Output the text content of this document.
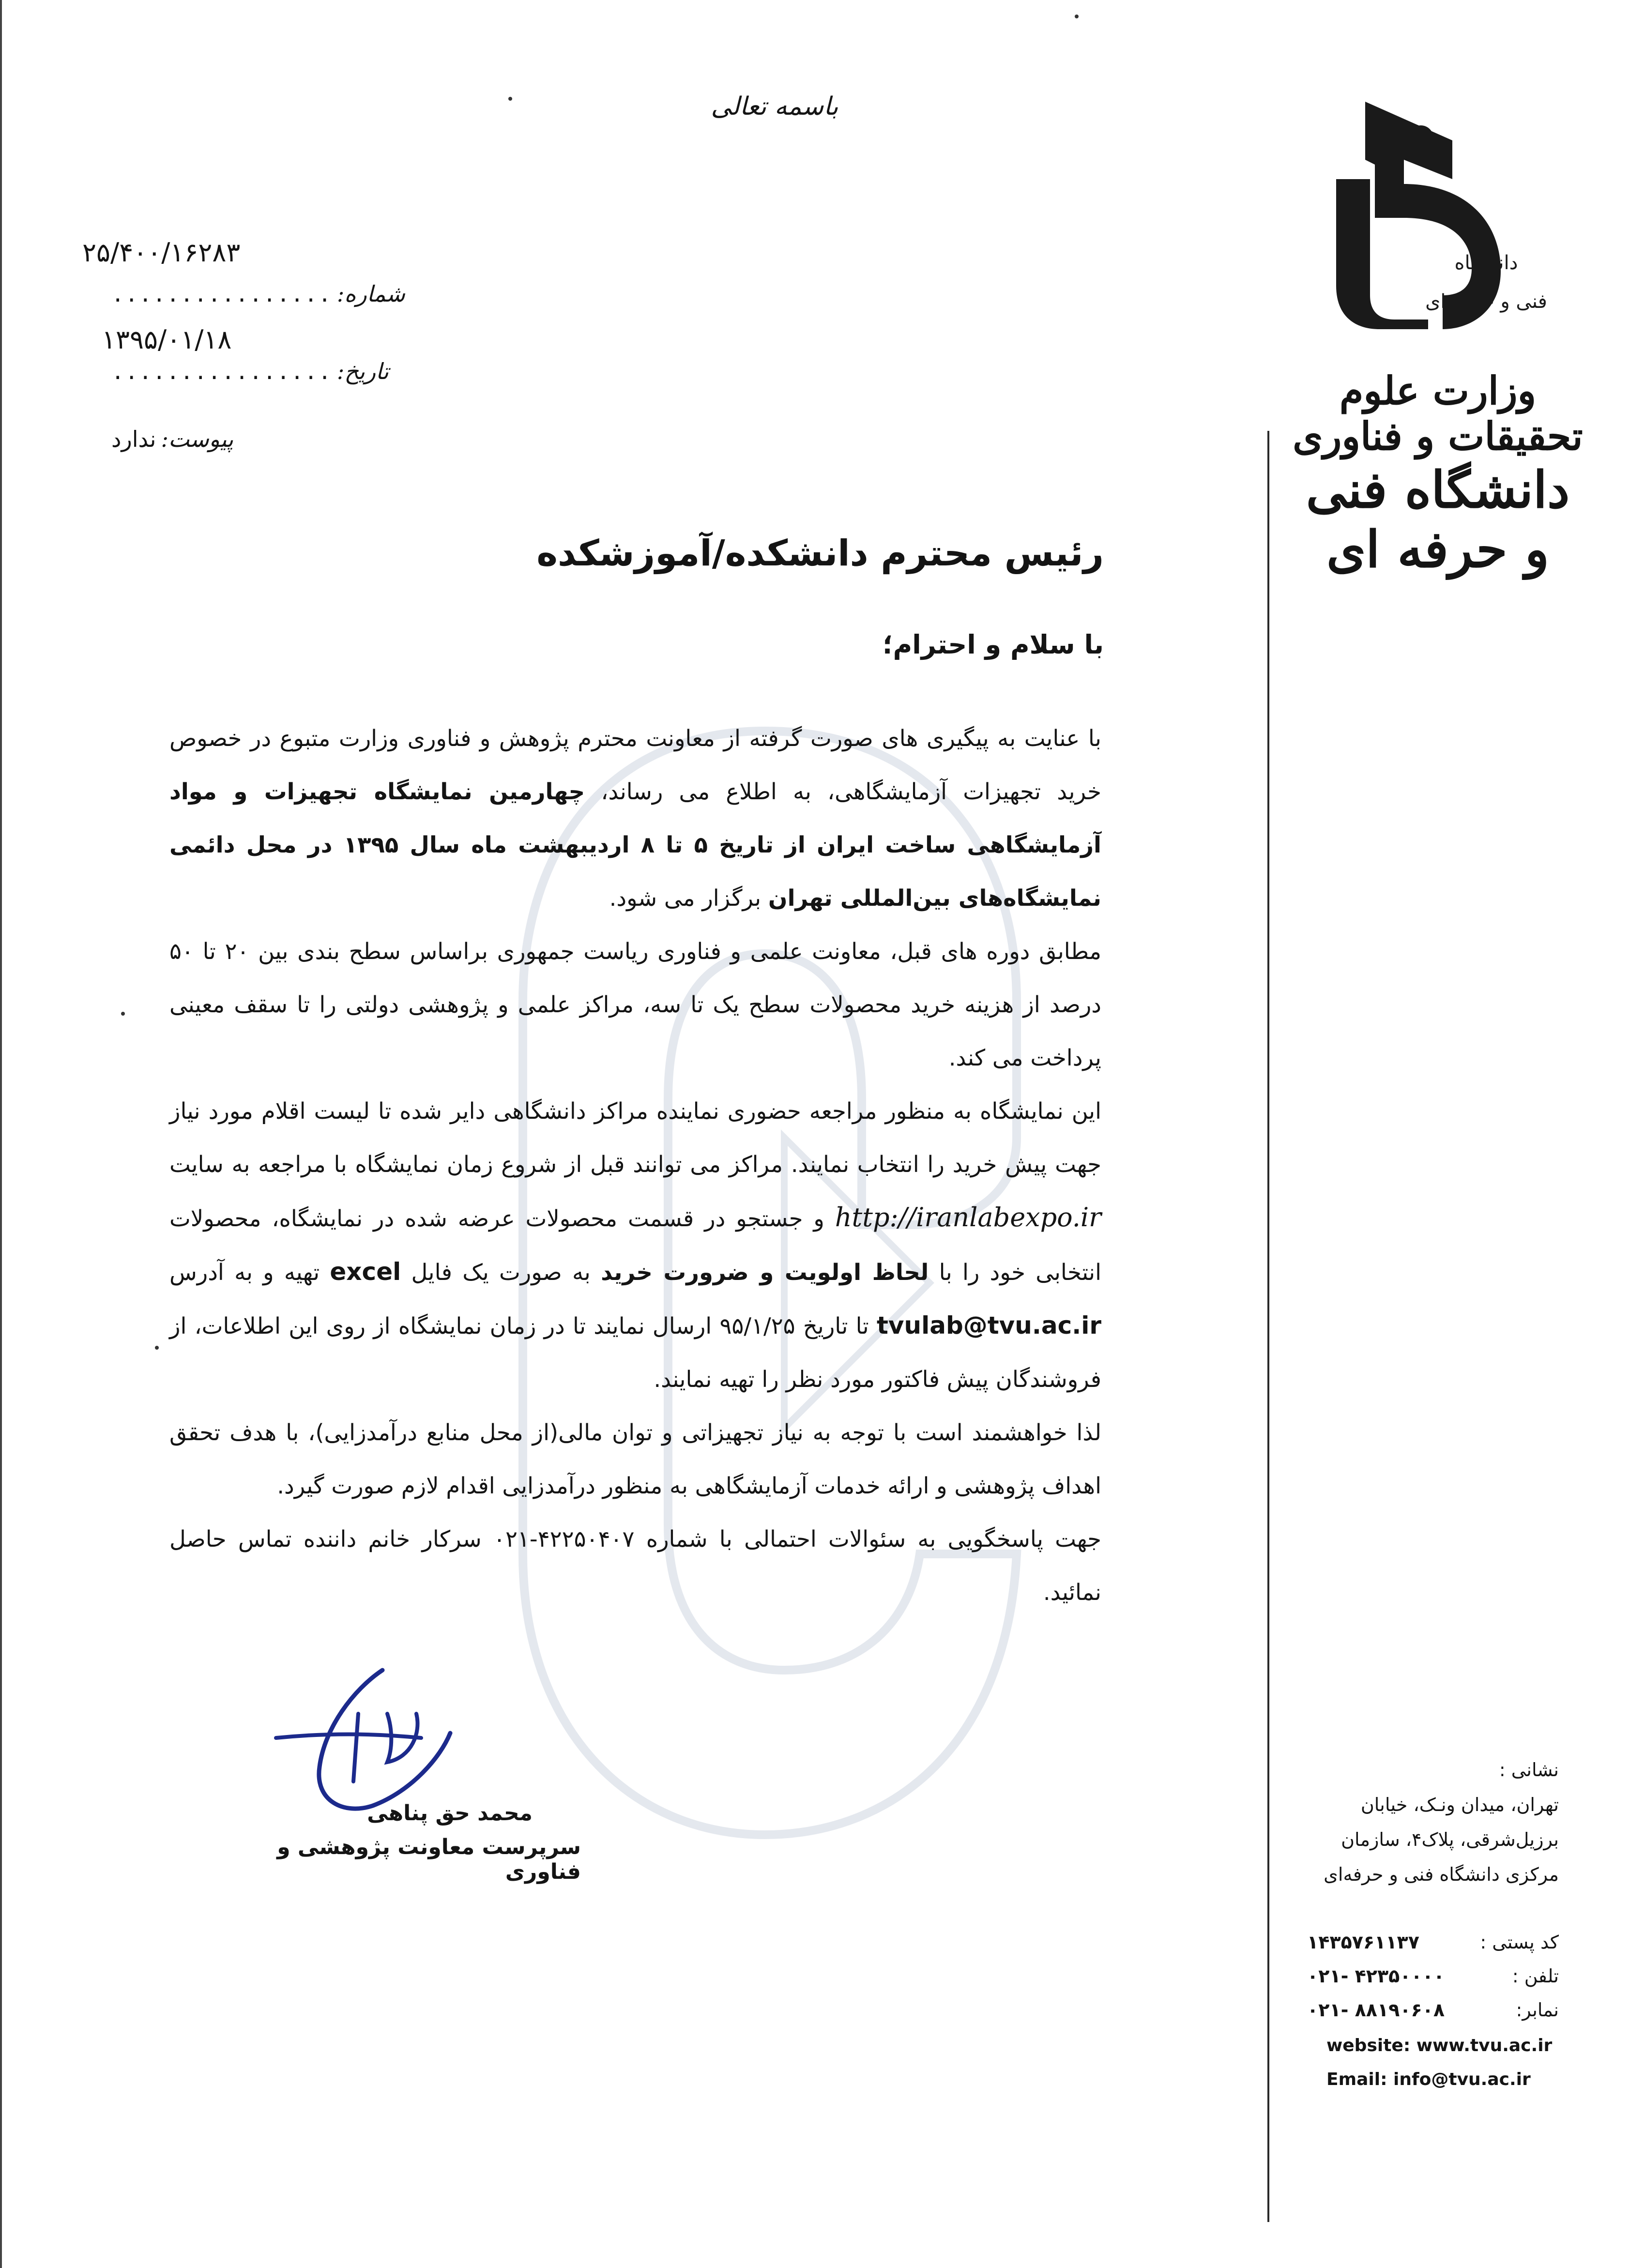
دانشگاه
فنی و حرفه ای
وزارت علوم تحقیقات و فناوری
دانشگاه فنی و حرفه ای
باسمه تعالی
۲۵/۴۰۰/۱۶۲۸۳
شماره:
................
۱۳۹۵/۰۱/۱۸
تاریخ:
................
پیوست:
ندارد
رئیس محترم دانشکده/آموزشکده
با سلام و احترام؛

با عنایت به پیگیری های صورت گرفته از معاونت محترم پژوهش و فناوری وزارت متبوع در خصوص خرید تجهیزات آزمایشگاهی، به اطلاع می رساند، چهارمین نمایشگاه تجهیزات و مواد آزمایشگاهی ساخت ایران از تاریخ ۵ تا ۸ اردیبهشت ماه سال ۱۳۹۵ در محل دائمی نمایشگاه‌های بین‌المللی تهران برگزار می شود.

مطابق دوره های قبل، معاونت علمی و فناوری ریاست جمهوری براساس سطح بندی بین ۲۰ تا ۵۰ درصد از هزینه خرید محصولات سطح یک تا سه، مراکز علمی و پژوهشی دولتی را تا سقف معینی پرداخت می کند.

این نمایشگاه به منظور مراجعه حضوری نماینده مراکز دانشگاهی دایر شده تا لیست اقلام مورد نیاز جهت پیش خرید را انتخاب نمایند. مراکز می توانند قبل از شروع زمان نمایشگاه با مراجعه به سایت http://iranlabexpo.ir و جستجو در قسمت محصولات عرضه شده در نمایشگاه، محصولات انتخابی خود را با لحاظ اولویت و ضرورت خرید به صورت یک فایل excel تهیه و به آدرس tvulab@tvu.ac.ir تا تاریخ ۹۵/۱/۲۵ ارسال نمایند تا در زمان نمایشگاه از روی این اطلاعات، از فروشندگان پیش فاکتور مورد نظر را تهیه نمایند.

لذا خواهشمند است با توجه به نیاز تجهیزاتی و توان مالی(از محل منابع درآمدزایی)، با هدف تحقق اهداف پژوهشی و ارائه خدمات آزمایشگاهی به منظور درآمدزایی اقدام لازم صورت گیرد.

جهت پاسخگویی به سئوالات احتمالی با شماره ۴۲۲۵۰۴۰۷-۰۲۱ سرکار خانم داننده تماس حاصل نمائید.

محمد حق پناهی
سرپرست معاونت پژوهشی و فناوری
نشانی :
تهران، میدان ونـک، خیابان
برزیل‌شرقی، پلاک۴، سازمان
مرکزی دانشگاه فنی و حرفه‌ای
کد پستی :
۱۴۳۵۷۶۱۱۳۷
تلفن :
۰۲۱- ۴۲۳۵۰۰۰۰
نمابر:
۰۲۱- ۸۸۱۹۰۶۰۸
website: www.tvu.ac.ir
Email: info@tvu.ac.ir
